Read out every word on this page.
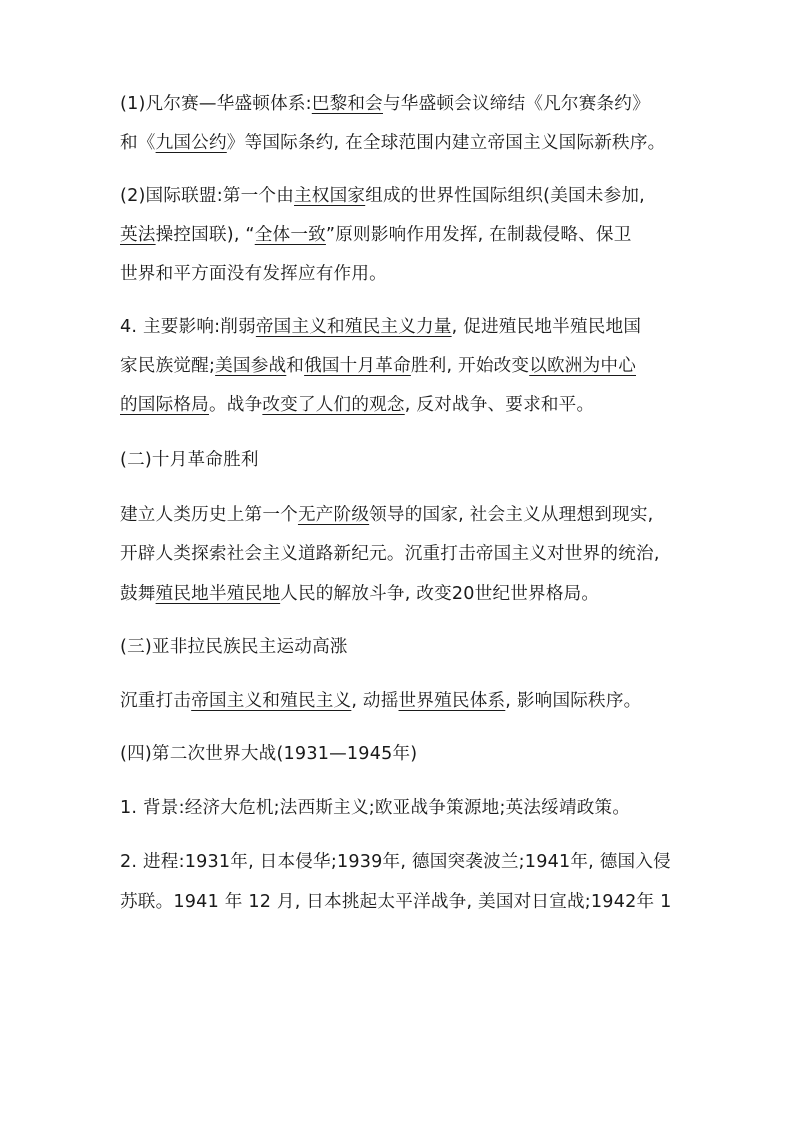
(1)凡尔赛—华盛顿体系:巴黎和会与华盛顿会议缔结《凡尔赛条约》
和《九国公约》等国际条约, 在全球范围内建立帝国主义国际新秩序。
(2)国际联盟:第一个由主权国家组成的世界性国际组织(美国未参加,
英法操控国联), “全体一致”原则影响作用发挥, 在制裁侵略、保卫
世界和平方面没有发挥应有作用。
4. 主要影响:削弱帝国主义和殖民主义力量, 促进殖民地半殖民地国
家民族觉醒;美国参战和俄国十月革命胜利, 开始改变以欧洲为中心
的国际格局。战争改变了人们的观念, 反对战争、要求和平。
(二)十月革命胜利
建立人类历史上第一个无产阶级领导的国家, 社会主义从理想到现实,
开辟人类探索社会主义道路新纪元。沉重打击帝国主义对世界的统治,
鼓舞殖民地半殖民地人民的解放斗争, 改变20世纪世界格局。
(三)亚非拉民族民主运动高涨
沉重打击帝国主义和殖民主义, 动摇世界殖民体系, 影响国际秩序。
(四)第二次世界大战(1931—1945年)
1. 背景:经济大危机;法西斯主义;欧亚战争策源地;英法绥靖政策。
2. 进程:1931年, 日本侵华;1939年, 德国突袭波兰;1941年, 德国入侵
苏联。1941 年 12 月, 日本挑起太平洋战争, 美国对日宣战;1942年 1
